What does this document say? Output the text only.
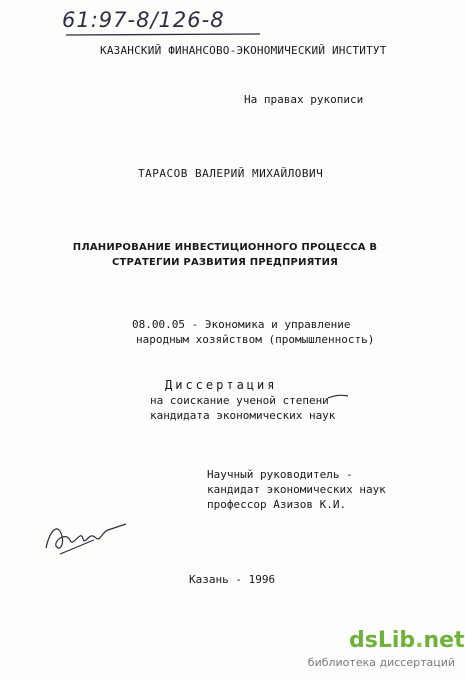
61:97-8/126-8
КАЗАНСКИЙ ФИНАНСОВО-ЭКОНОМИЧЕСКИЙ ИНСТИТУТ
На правах рукописи
ТАРАСОВ ВАЛЕРИЙ МИХАЙЛОВИЧ
ПЛАНИРОВАНИЕ ИНВЕСТИЦИОННОГО ПРОЦЕССА В
СТРАТЕГИИ РАЗВИТИЯ ПРЕДПРИЯТИЯ
08.00.05 - Экономика и управление
народным хозяйством (промышленность)
Диссертация
на соискание ученой степени
кандидата экономических наук
Научный руководитель -
кандидат экономических наук
профессор Азизов К.И.
Казань - 1996
dsLib.net
библиотека диссертаций
